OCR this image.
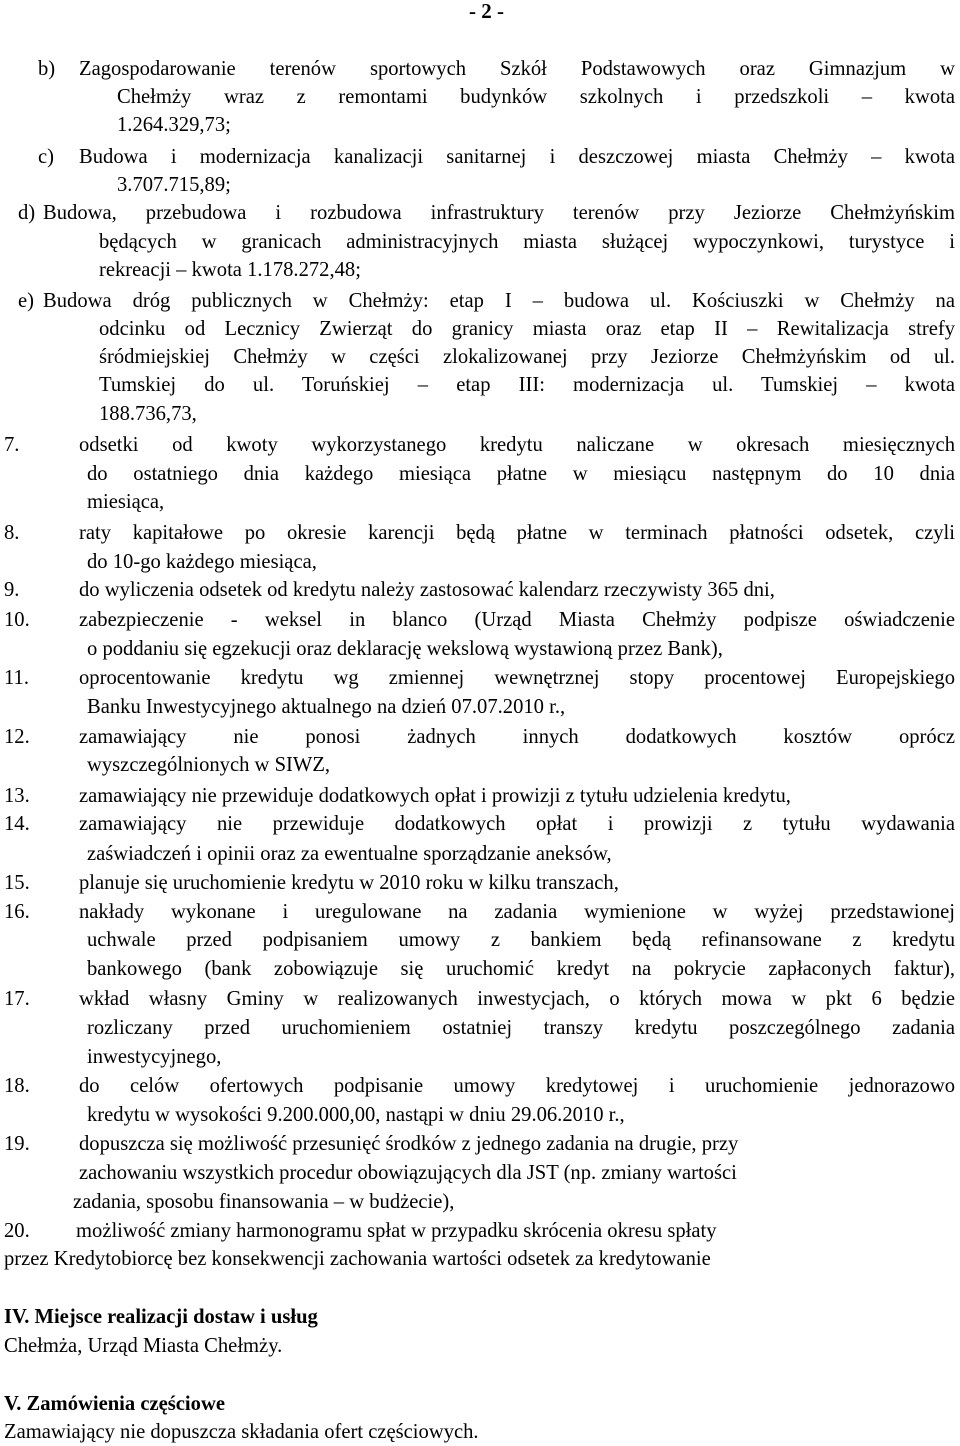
- 2 -
b) Zagospodarowanie terenów sportowych Szkół Podstawowych oraz Gimnazjum w
Chełmży wraz z remontami budynków szkolnych i przedszkoli – kwota
1.264.329,73;
c) Budowa i modernizacja kanalizacji sanitarnej i deszczowej miasta Chełmży – kwota
3.707.715,89;
d) Budowa, przebudowa i rozbudowa infrastruktury terenów przy Jeziorze Chełmżyńskim
będących w granicach administracyjnych miasta służącej wypoczynkowi, turystyce i
rekreacji – kwota 1.178.272,48;
e) Budowa dróg publicznych w Chełmży: etap I – budowa ul. Kościuszki w Chełmży na
odcinku od Lecznicy Zwierząt do granicy miasta oraz etap II – Rewitalizacja strefy
śródmiejskiej Chełmży w części zlokalizowanej przy Jeziorze Chełmżyńskim od ul.
Tumskiej do ul. Toruńskiej – etap III: modernizacja ul. Tumskiej – kwota
188.736,73,
7.	odsetki od kwoty wykorzystanego kredytu naliczane w okresach miesięcznych
do ostatniego dnia każdego miesiąca płatne w miesiącu następnym do 10 dnia
miesiąca,
8.	raty kapitałowe po okresie karencji będą płatne w terminach płatności odsetek, czyli
do 10-go każdego miesiąca,
9.	do wyliczenia odsetek od kredytu należy zastosować kalendarz rzeczywisty 365 dni,
10. zabezpieczenie - weksel in blanco (Urząd Miasta Chełmży podpisze oświadczenie
o poddaniu się egzekucji oraz deklarację wekslową wystawioną przez Bank),
11. oprocentowanie kredytu wg zmiennej wewnętrznej stopy procentowej Europejskiego
Banku Inwestycyjnego aktualnego na dzień 07.07.2010 r.,
12. zamawiający nie ponosi żadnych innych dodatkowych kosztów oprócz
wyszczególnionych w SIWZ,
13. zamawiający nie przewiduje dodatkowych opłat i prowizji z tytułu udzielenia kredytu,
14. zamawiający nie przewiduje dodatkowych opłat i prowizji z tytułu wydawania
zaświadczeń i opinii oraz za ewentualne sporządzanie aneksów,
15. planuje się uruchomienie kredytu w 2010 roku w kilku transzach,
16. nakłady wykonane i uregulowane na zadania wymienione w wyżej przedstawionej
uchwale przed podpisaniem umowy z bankiem będą refinansowane z kredytu
bankowego (bank zobowiązuje się uruchomić kredyt na pokrycie zapłaconych faktur),
17. wkład własny Gminy w realizowanych inwestycjach, o których mowa w pkt 6 będzie
rozliczany przed uruchomieniem ostatniej transzy kredytu poszczególnego zadania
inwestycyjnego,
18. do celów ofertowych podpisanie umowy kredytowej i uruchomienie jednorazowo
kredytu w wysokości 9.200.000,00, nastąpi w dniu 29.06.2010 r.,
19. dopuszcza się możliwość przesunięć środków z jednego zadania na drugie, przy
zachowaniu wszystkich procedur obowiązujących dla JST (np. zmiany wartości
zadania, sposobu finansowania – w budżecie),
20. możliwość zmiany harmonogramu spłat w przypadku skrócenia okresu spłaty
przez Kredytobiorcę bez konsekwencji zachowania wartości odsetek za kredytowanie
IV. Miejsce realizacji dostaw i usług
Chełmża, Urząd Miasta Chełmży.
V. Zamówienia częściowe
Zamawiający nie dopuszcza składania ofert częściowych.
